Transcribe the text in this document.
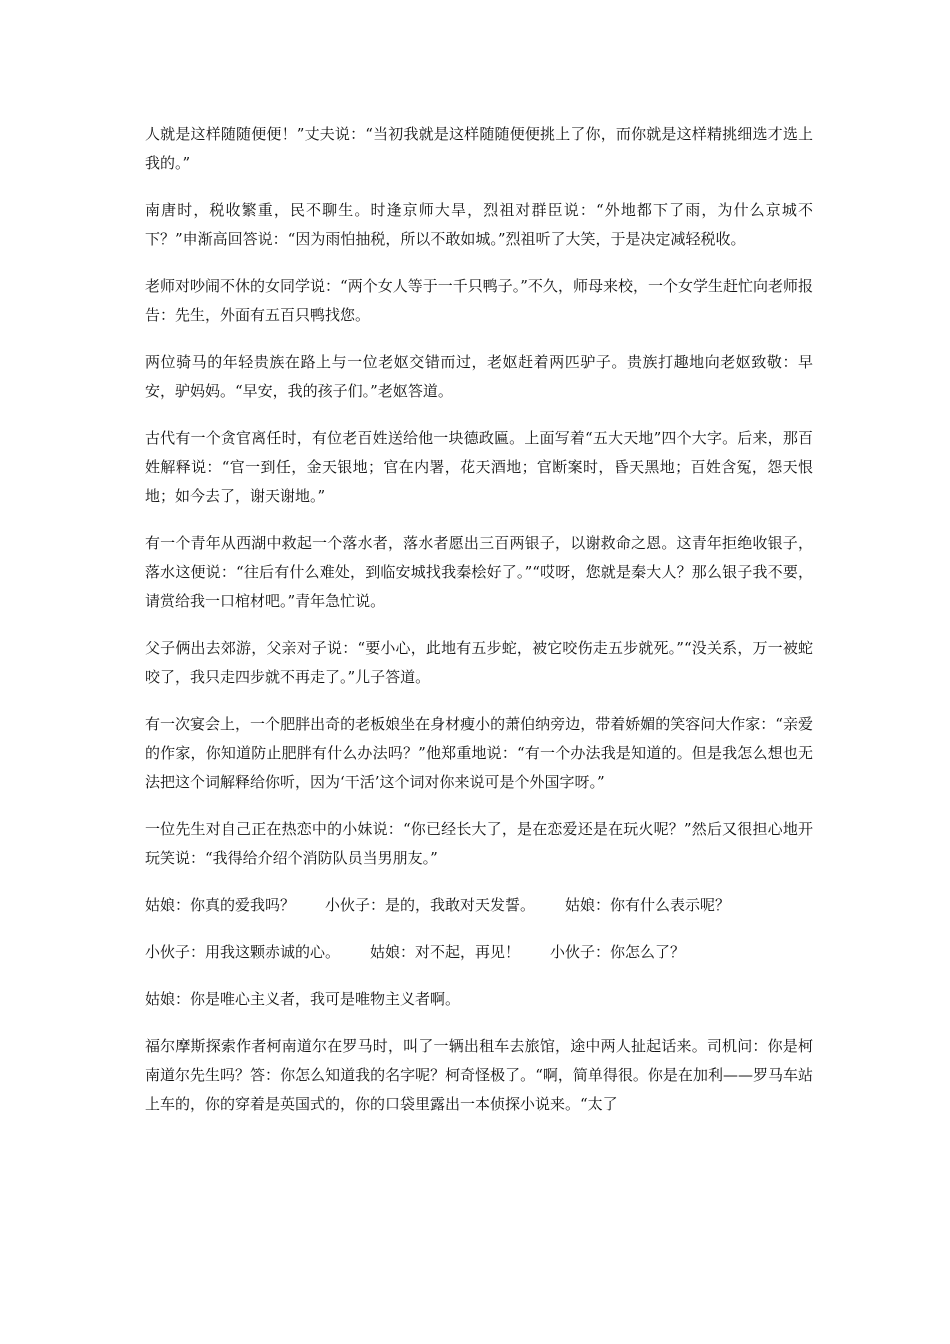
人就是这样随随便便！”丈夫说：“当初我就是这样随随便便挑上了你，而你就是这样精挑细选才选上我的。”

南唐时，税收繁重，民不聊生。时逢京师大旱，烈祖对群臣说：“外地都下了雨，为什么京城不下？”申渐高回答说：“因为雨怕抽税，所以不敢如城。”烈祖听了大笑，于是决定减轻税收。

老师对吵闹不休的女同学说：“两个女人等于一千只鸭子。”不久，师母来校，一个女学生赶忙向老师报告：先生，外面有五百只鸭找您。

两位骑马的年轻贵族在路上与一位老妪交错而过，老妪赶着两匹驴子。贵族打趣地向老妪致敬：早安，驴妈妈。“早安，我的孩子们。”老妪答道。

古代有一个贪官离任时，有位老百姓送给他一块德政匾。上面写着“五大天地”四个大字。后来，那百姓解释说：“官一到任，金天银地；官在内署，花天酒地；官断案时，昏天黑地；百姓含冤，怨天恨地；如今去了，谢天谢地。”

有一个青年从西湖中救起一个落水者，落水者愿出三百两银子，以谢救命之恩。这青年拒绝收银子，落水这便说：“往后有什么难处，到临安城找我秦桧好了。”“哎呀，您就是秦大人？那么银子我不要，请赏给我一口棺材吧。”青年急忙说。

父子俩出去郊游，父亲对子说：“要小心，此地有五步蛇，被它咬伤走五步就死。”“没关系，万一被蛇咬了，我只走四步就不再走了。”儿子答道。

有一次宴会上，一个肥胖出奇的老板娘坐在身材瘦小的萧伯纳旁边，带着娇媚的笑容问大作家：“亲爱的作家，你知道防止肥胖有什么办法吗？”他郑重地说：“有一个办法我是知道的。但是我怎么想也无法把这个词解释给你听，因为‘干活’这个词对你来说可是个外国字呀。”

一位先生对自己正在热恋中的小妹说：“你已经长大了，是在恋爱还是在玩火呢？”然后又很担心地开玩笑说：“我得给介绍个消防队员当男朋友。”

姑娘：你真的爱我吗？ 小伙子：是的，我敢对天发誓。 姑娘：你有什么表示呢？
小伙子：用我这颗赤诚的心。 姑娘：对不起，再见！ 小伙子：你怎么了？
姑娘：你是唯心主义者，我可是唯物主义者啊。

福尔摩斯探索作者柯南道尔在罗马时，叫了一辆出租车去旅馆，途中两人扯起话来。司机问：你是柯南道尔先生吗？答：你怎么知道我的名字呢？柯奇怪极了。“啊，简单得很。你是在加利——罗马车站上车的，你的穿着是英国式的，你的口袋里露出一本侦探小说来。“太了
